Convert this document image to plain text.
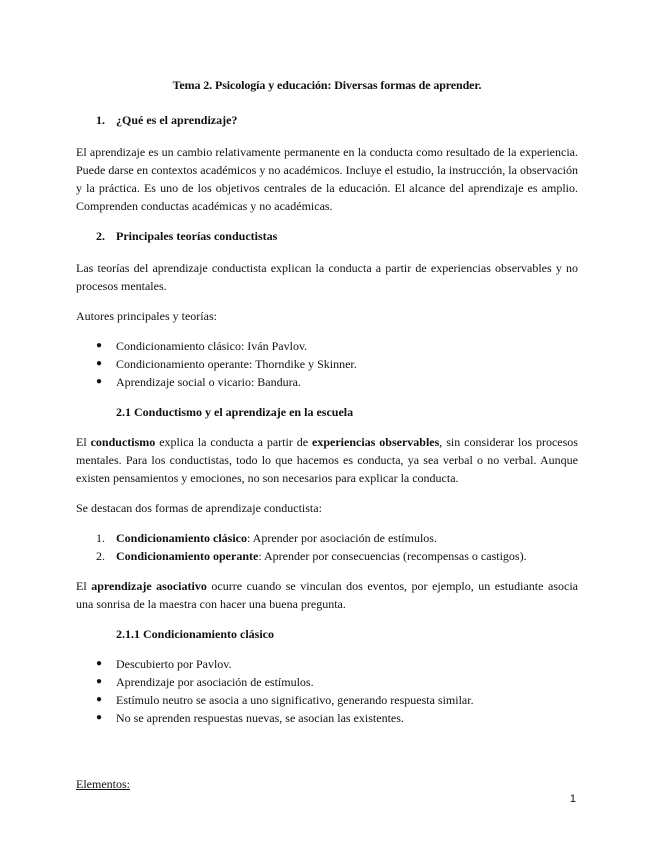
Tema 2. Psicología y educación: Diversas formas de aprender.
1. ¿Qué es el aprendizaje?

El aprendizaje es un cambio relativamente permanente en la conducta como resultado de la experiencia. Puede darse en contextos académicos y no académicos. Incluye el estudio, la instrucción, la observación y la práctica. Es uno de los objetivos centrales de la educación. El alcance del aprendizaje es amplio. Comprenden conductas académicas y no académicas.

2. Principales teorías conductistas

Las teorías del aprendizaje conductista explican la conducta a partir de experiencias observables y no procesos mentales.

Autores principales y teorías:

● Condicionamiento clásico: Iván Pavlov.
● Condicionamiento operante: Thorndike y Skinner.
● Aprendizaje social o vicario: Bandura.
2.1 Conductismo y el aprendizaje en la escuela

El conductismo explica la conducta a partir de experiencias observables, sin considerar los procesos mentales. Para los conductistas, todo lo que hacemos es conducta, ya sea verbal o no verbal. Aunque existen pensamientos y emociones, no son necesarios para explicar la conducta.

Se destacan dos formas de aprendizaje conductista:

1. Condicionamiento clásico: Aprender por asociación de estímulos.
2. Condicionamiento operante: Aprender por consecuencias (recompensas o castigos).

El aprendizaje asociativo ocurre cuando se vinculan dos eventos, por ejemplo, un estudiante asocia una sonrisa de la maestra con hacer una buena pregunta.

2.1.1 Condicionamiento clásico
● Descubierto por Pavlov.
● Aprendizaje por asociación de estímulos.
● Estímulo neutro se asocia a uno significativo, generando respuesta similar.
● No se aprenden respuestas nuevas, se asocian las existentes.

Elementos:

1
